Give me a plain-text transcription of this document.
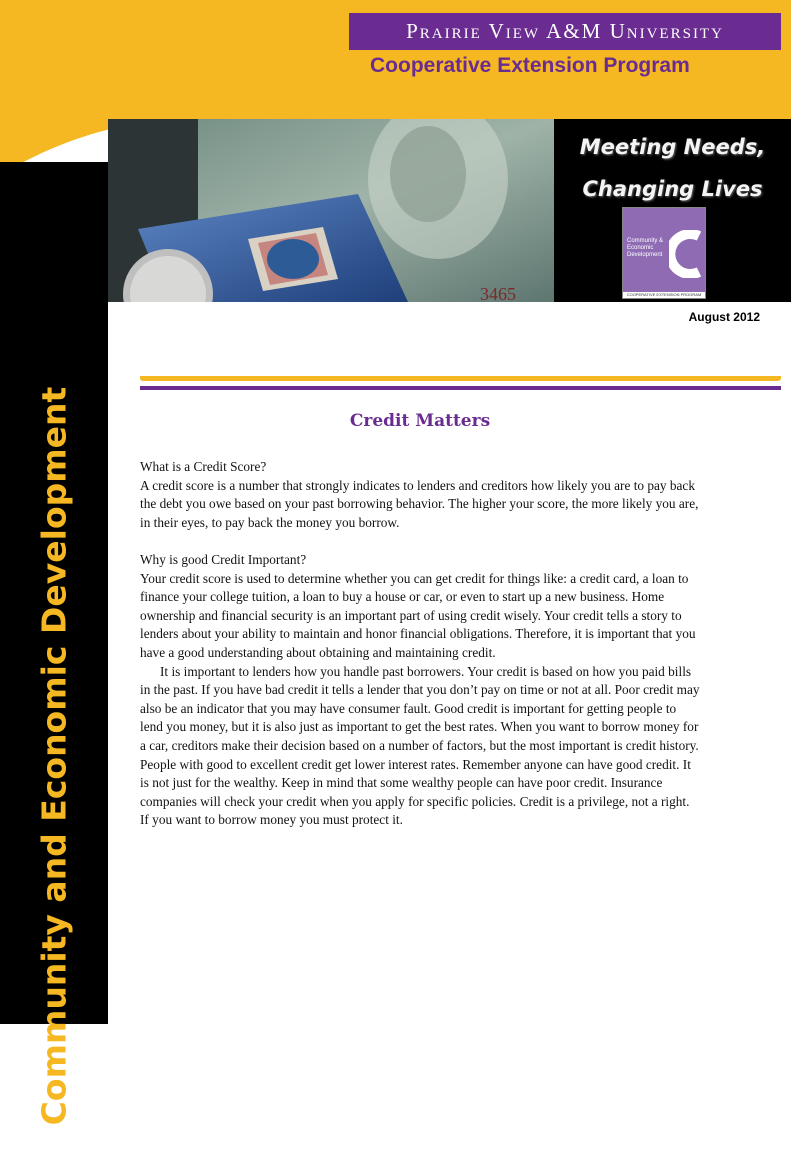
Prairie View A&M University
Cooperative Extension Program
3465
Meeting Needs,
Changing Lives
Community & Economic Development
COOPERATIVE EXTENSION PROGRAM
Community and Economic Development
August 2012
Credit Matters
What is a Credit Score?

A credit score is a number that strongly indicates to lenders and creditors how likely you are to pay back the debt you owe based on your past borrowing behavior. The higher your score, the more likely you are, in their eyes, to pay back the money you borrow.

Why is good Credit Important?

Your credit score is used to determine whether you can get credit for things like: a credit card, a loan to finance your college tuition, a loan to buy a house or car, or even to start up a new business. Home ownership and financial security is an important part of using credit wisely. Your credit tells a story to lenders about your ability to maintain and honor financial obligations. Therefore, it is important that you have a good understanding about obtaining and maintaining credit.

It is important to lenders how you handle past borrowers. Your credit is based on how you paid bills in the past. If you have bad credit it tells a lender that you don’t pay on time or not at all. Poor credit may also be an indicator that you may have consumer fault. Good credit is important for getting people to lend you money, but it is also just as important to get the best rates. When you want to borrow money for a car, creditors make their decision based on a number of factors, but the most important is credit history. People with good to excellent credit get lower interest rates. Remember anyone can have good credit. It is not just for the wealthy. Keep in mind that some wealthy people can have poor credit. Insurance companies will check your credit when you apply for specific policies. Credit is a privilege, not a right. If you want to borrow money you must protect it.
